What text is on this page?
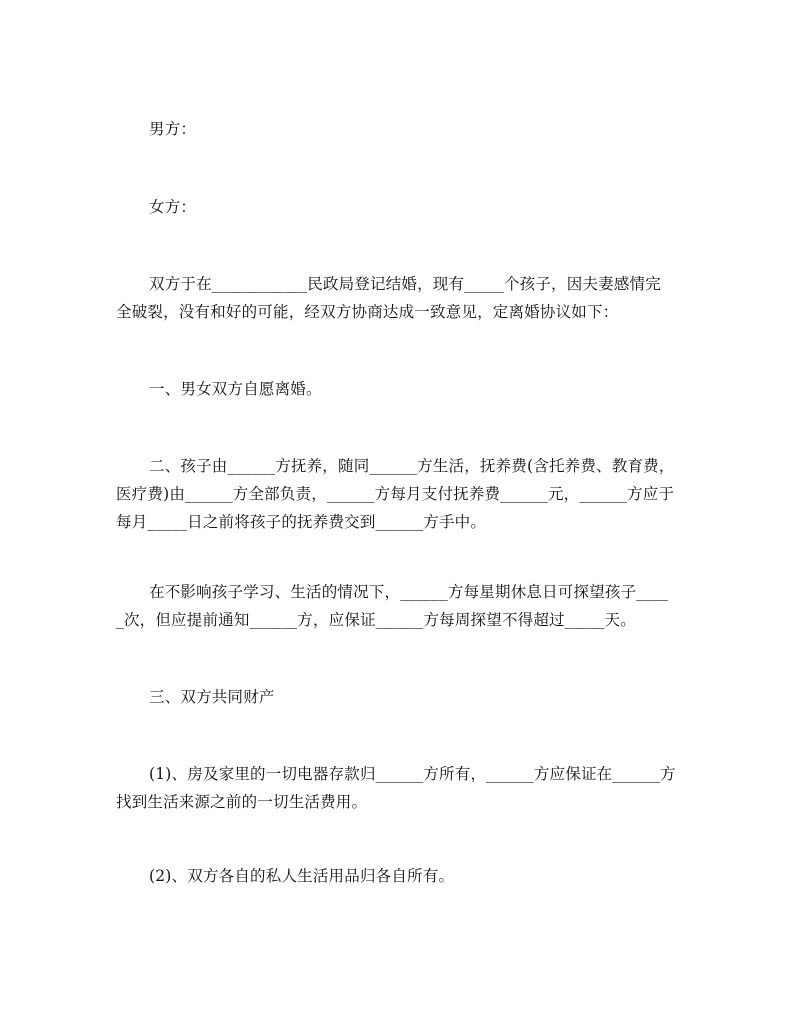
男方：

女方：

双方于在____________民政局登记结婚，现有_____个孩子，因夫妻感情完全破裂，没有和好的可能，经双方协商达成一致意见，定离婚协议如下：

一、男女双方自愿离婚。

二、孩子由______方抚养，随同______方生活，抚养费(含托养费、教育费，医疗费)由______方全部负责，______方每月支付抚养费______元，______方应于每月_____日之前将孩子的抚养费交到______方手中。

在不影响孩子学习、生活的情况下，______方每星期休息日可探望孩子_____次，但应提前通知______方，应保证______方每周探望不得超过_____天。

三、双方共同财产

(1)、房及家里的一切电器存款归______方所有，______方应保证在______方找到生活来源之前的一切生活费用。

(2)、双方各自的私人生活用品归各自所有。
